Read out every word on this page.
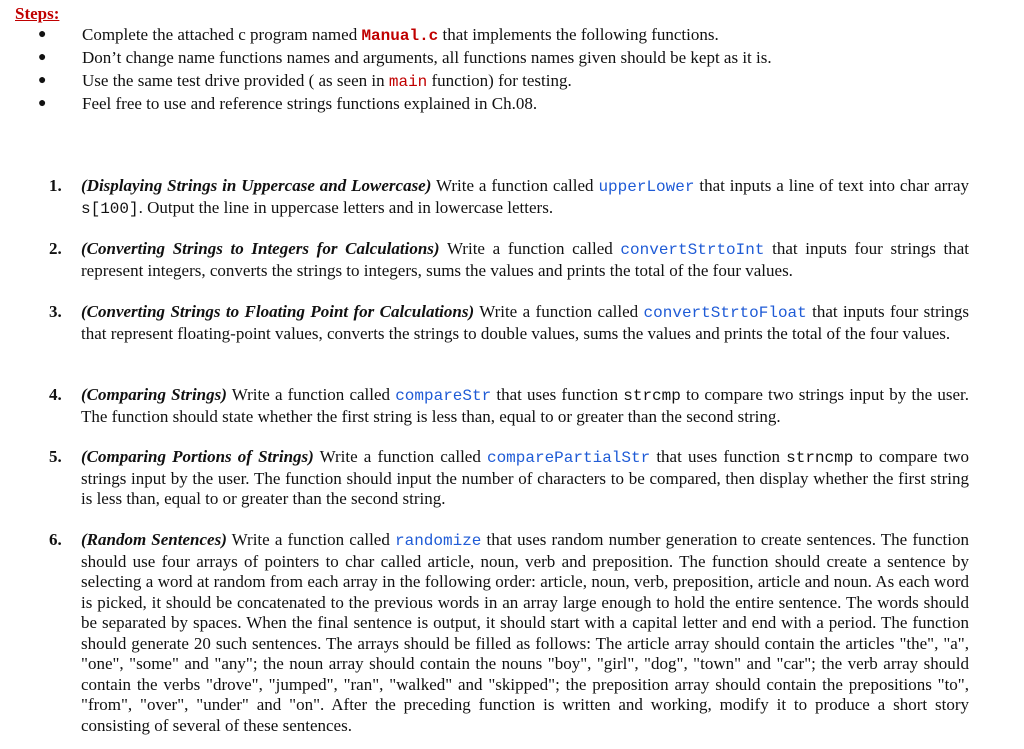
Steps:
● Complete the attached c program named Manual.c that implements the following functions.
● Don’t change name functions names and arguments, all functions names given should be kept as it is.
● Use the same test drive provided ( as seen in main function) for testing.
● Feel free to use and reference strings functions explained in Ch.08.
1. (Displaying Strings in Uppercase and Lowercase) Write a function called upperLower that inputs a line of text into char array s[100]. Output the line in uppercase letters and in lowercase letters.
2. (Converting Strings to Integers for Calculations) Write a function called convertStrtoInt that inputs four strings that represent integers, converts the strings to integers, sums the values and prints the total of the four values.
3. (Converting Strings to Floating Point for Calculations) Write a function called convertStrtoFloat that inputs four strings that represent floating-point values, converts the strings to double values, sums the values and prints the total of the four values.
4. (Comparing Strings) Write a function called compareStr that uses function strcmp to compare two strings input by the user. The function should state whether the first string is less than, equal to or greater than the second string.
5. (Comparing Portions of Strings) Write a function called comparePartialStr that uses function strncmp to compare two strings input by the user. The function should input the number of characters to be compared, then display whether the first string is less than, equal to or greater than the second string.
6. (Random Sentences) Write a function called randomize that uses random number generation to create sentences. The function should use four arrays of pointers to char called article, noun, verb and preposition. The function should create a sentence by selecting a word at random from each array in the following order: article, noun, verb, preposition, article and noun. As each word is picked, it should be concatenated to the previous words in an array large enough to hold the entire sentence. The words should be separated by spaces. When the final sentence is output, it should start with a capital letter and end with a period. The function should generate 20 such sentences. The arrays should be filled as follows: The article array should contain the articles "the", "a", "one", "some" and "any"; the noun array should contain the nouns "boy", "girl", "dog", "town" and "car"; the verb array should contain the verbs "drove", "jumped", "ran", "walked" and "skipped"; the preposition array should contain the prepositions "to", "from", "over", "under" and "on". After the preceding function is written and working, modify it to produce a short story consisting of several of these sentences.
